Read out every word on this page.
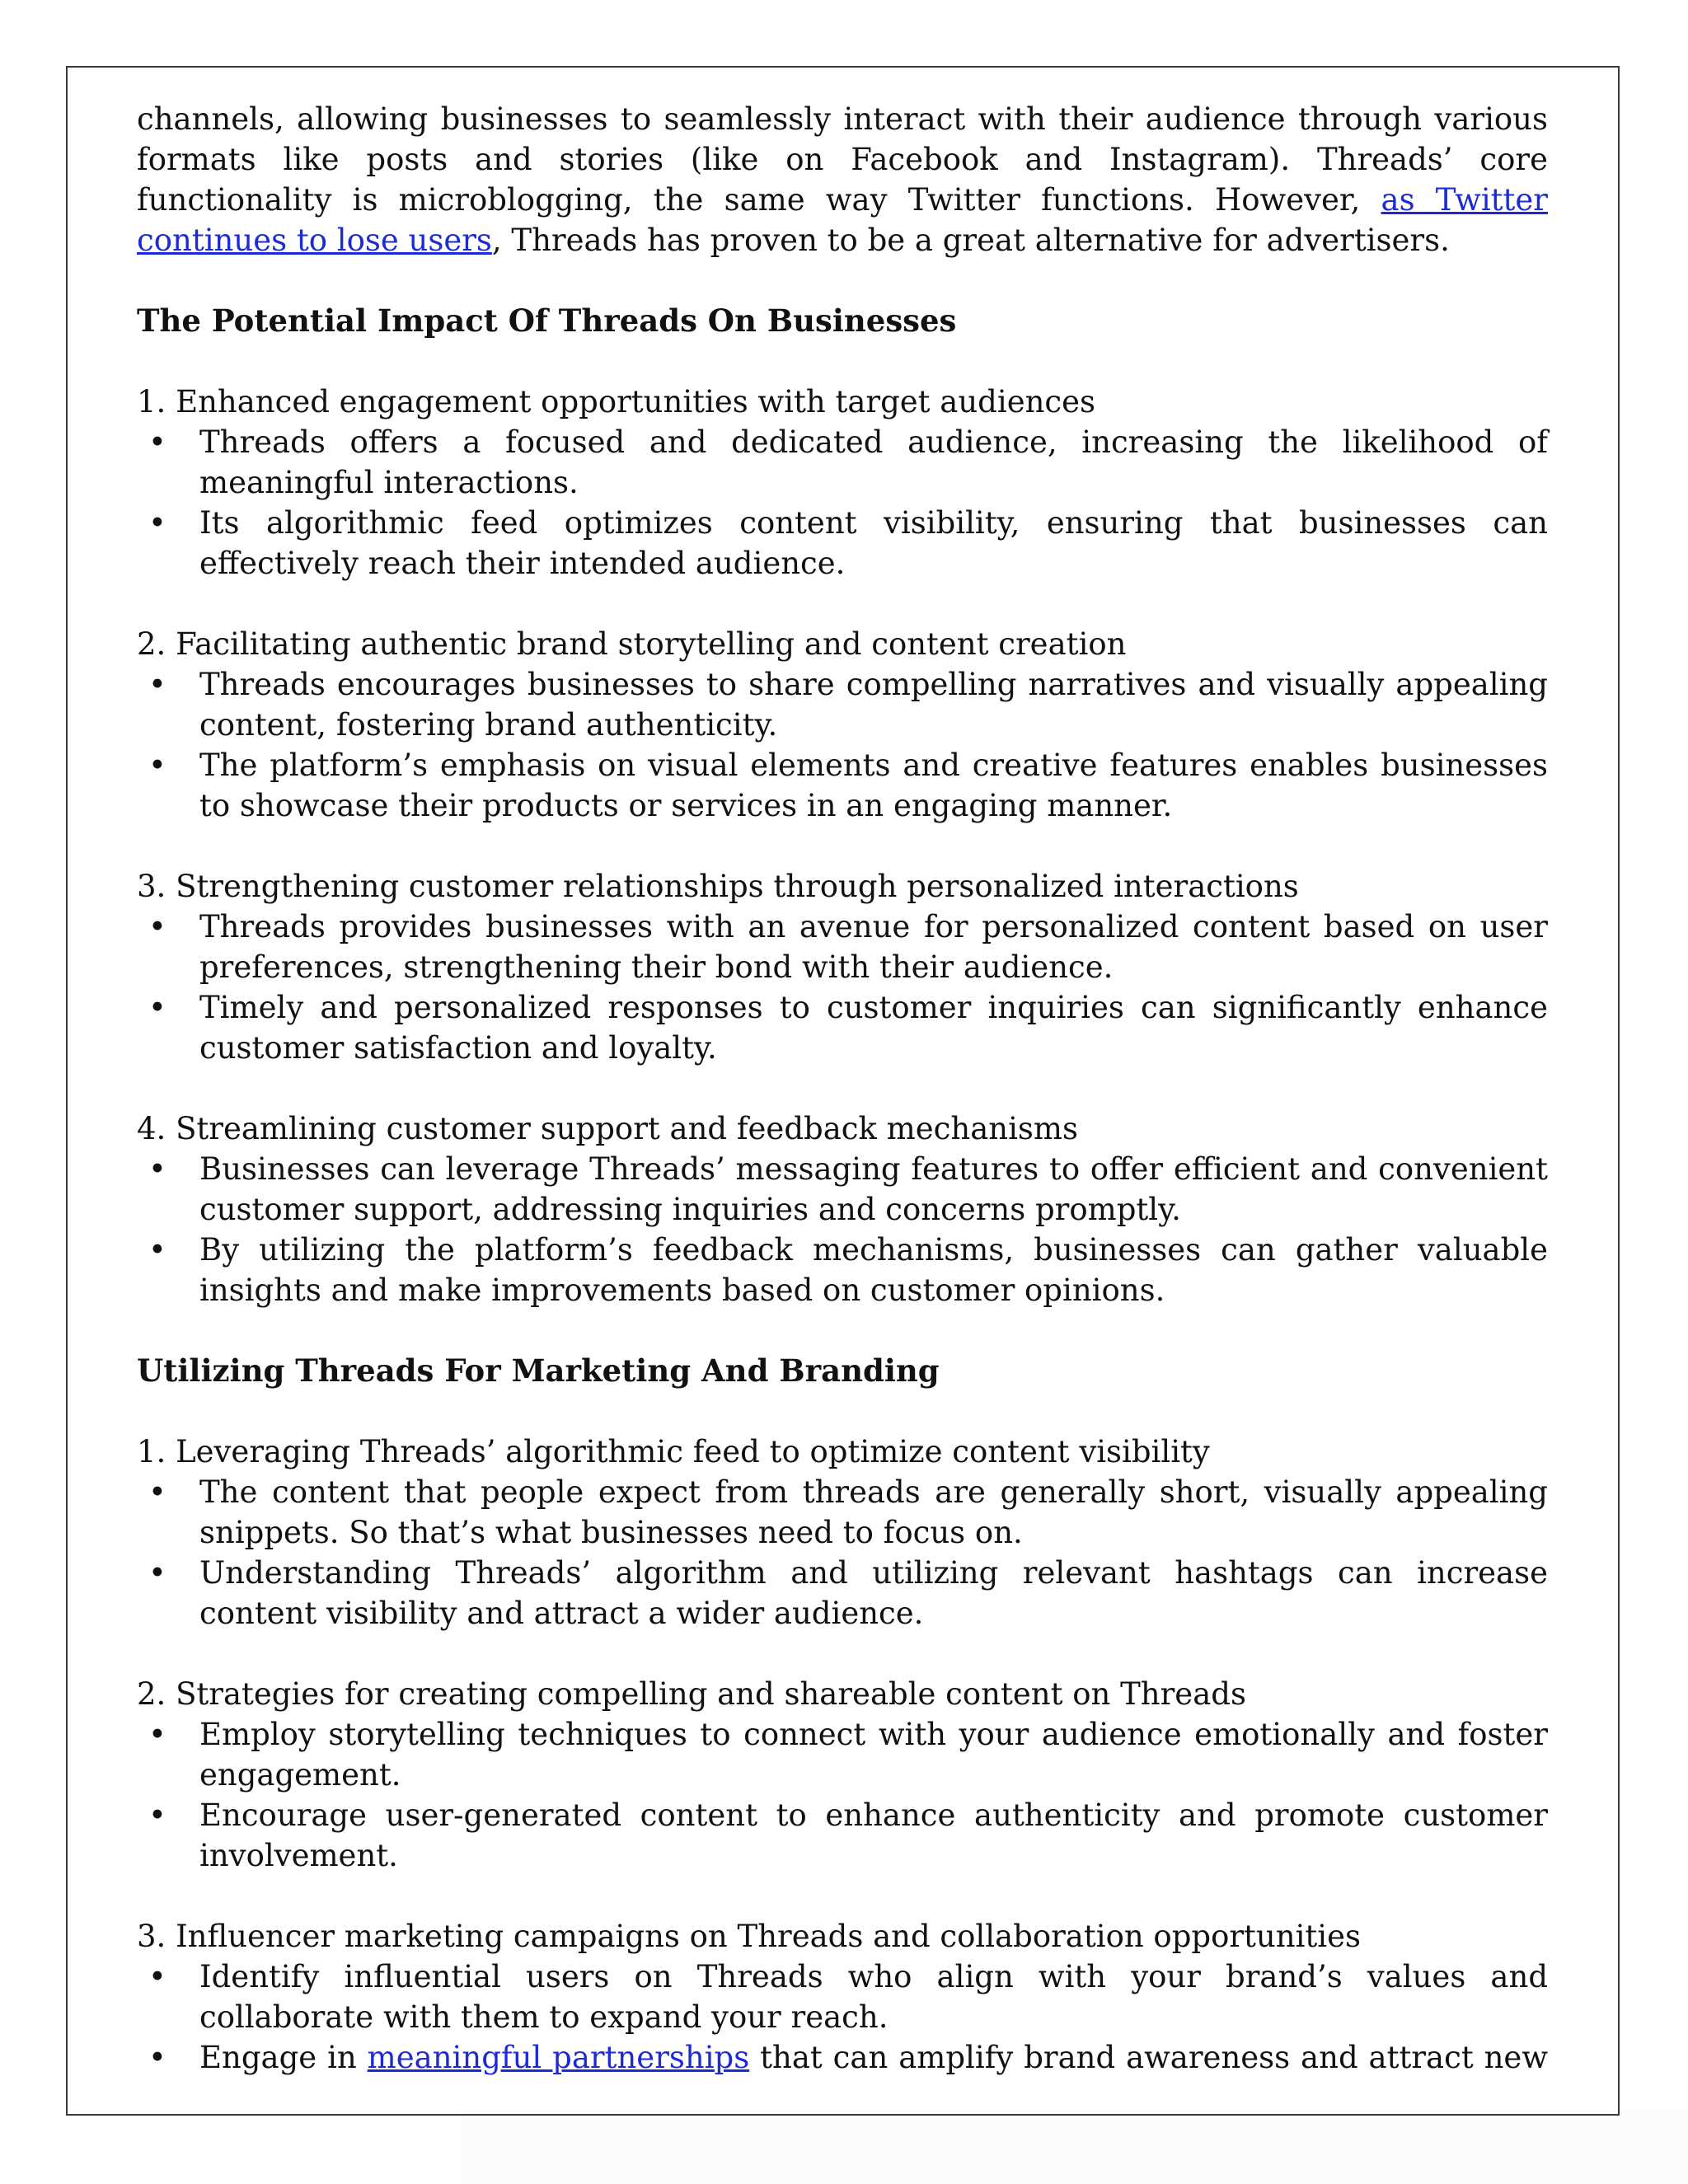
channels, allowing businesses to seamlessly interact with their audience through various formats like posts and stories (like on Facebook and Instagram). Threads’ core functionality is microblogging, the same way Twitter functions. However, as Twitter continues to lose users, Threads has proven to be a great alternative for advertisers.

The Potential Impact Of Threads On Businesses

1. Enhanced engagement opportunities with target audiences

• Threads offers a focused and dedicated audience, increasing the likelihood of meaningful interactions.
• Its algorithmic feed optimizes content visibility, ensuring that businesses can effectively reach their intended audience.

2. Facilitating authentic brand storytelling and content creation

• Threads encourages businesses to share compelling narratives and visually appealing content, fostering brand authenticity.
• The platform’s emphasis on visual elements and creative features enables businesses to showcase their products or services in an engaging manner.

3. Strengthening customer relationships through personalized interactions

• Threads provides businesses with an avenue for personalized content based on user preferences, strengthening their bond with their audience.
• Timely and personalized responses to customer inquiries can significantly enhance customer satisfaction and loyalty.

4. Streamlining customer support and feedback mechanisms

• Businesses can leverage Threads’ messaging features to offer efficient and convenient customer support, addressing inquiries and concerns promptly.
• By utilizing the platform’s feedback mechanisms, businesses can gather valuable insights and make improvements based on customer opinions.

Utilizing Threads For Marketing And Branding

1. Leveraging Threads’ algorithmic feed to optimize content visibility

• The content that people expect from threads are generally short, visually appealing snippets. So that’s what businesses need to focus on.
• Understanding Threads’ algorithm and utilizing relevant hashtags can increase content visibility and attract a wider audience.

2. Strategies for creating compelling and shareable content on Threads

• Employ storytelling techniques to connect with your audience emotionally and foster engagement.
• Encourage user-generated content to enhance authenticity and promote customer involvement.

3. Influencer marketing campaigns on Threads and collaboration opportunities

• Identify influential users on Threads who align with your brand’s values and collaborate with them to expand your reach.
• Engage in meaningful partnerships that can amplify brand awareness and attract new
